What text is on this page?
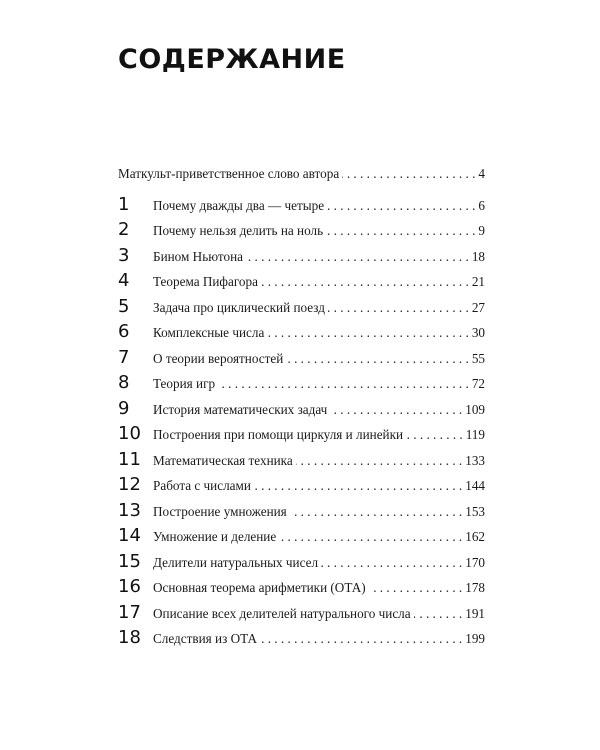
СОДЕРЖАНИЕ
Маткульт-приветственное слово автора . . .	4
1	Почему дважды два — четыре . . .	6
2	Почему нельзя делить на ноль . . .	9
3	Бином Ньютона . . .	18
4	Теорема Пифагора . . .	21
5	Задача про циклический поезд . . .	27
6	Комплексные числа . . .	30
7	О теории вероятностей . . .	55
8	Теория игр . . .	72
9	История математических задач . . .	109
10 Построения при помощи циркуля и линейки . . .	119
11 Математическая техника . . .	133
12 Работа с числами . . .	144
13 Построение умножения . . .	153
14 Умножение и деление . . .	162
15 Делители натуральных чисел . . .	170
16 Основная теорема арифметики (ОТА) . . .	178
17 Описание всех делителей натурального числа . . .	191
18 Следствия из ОТА . . .	199
